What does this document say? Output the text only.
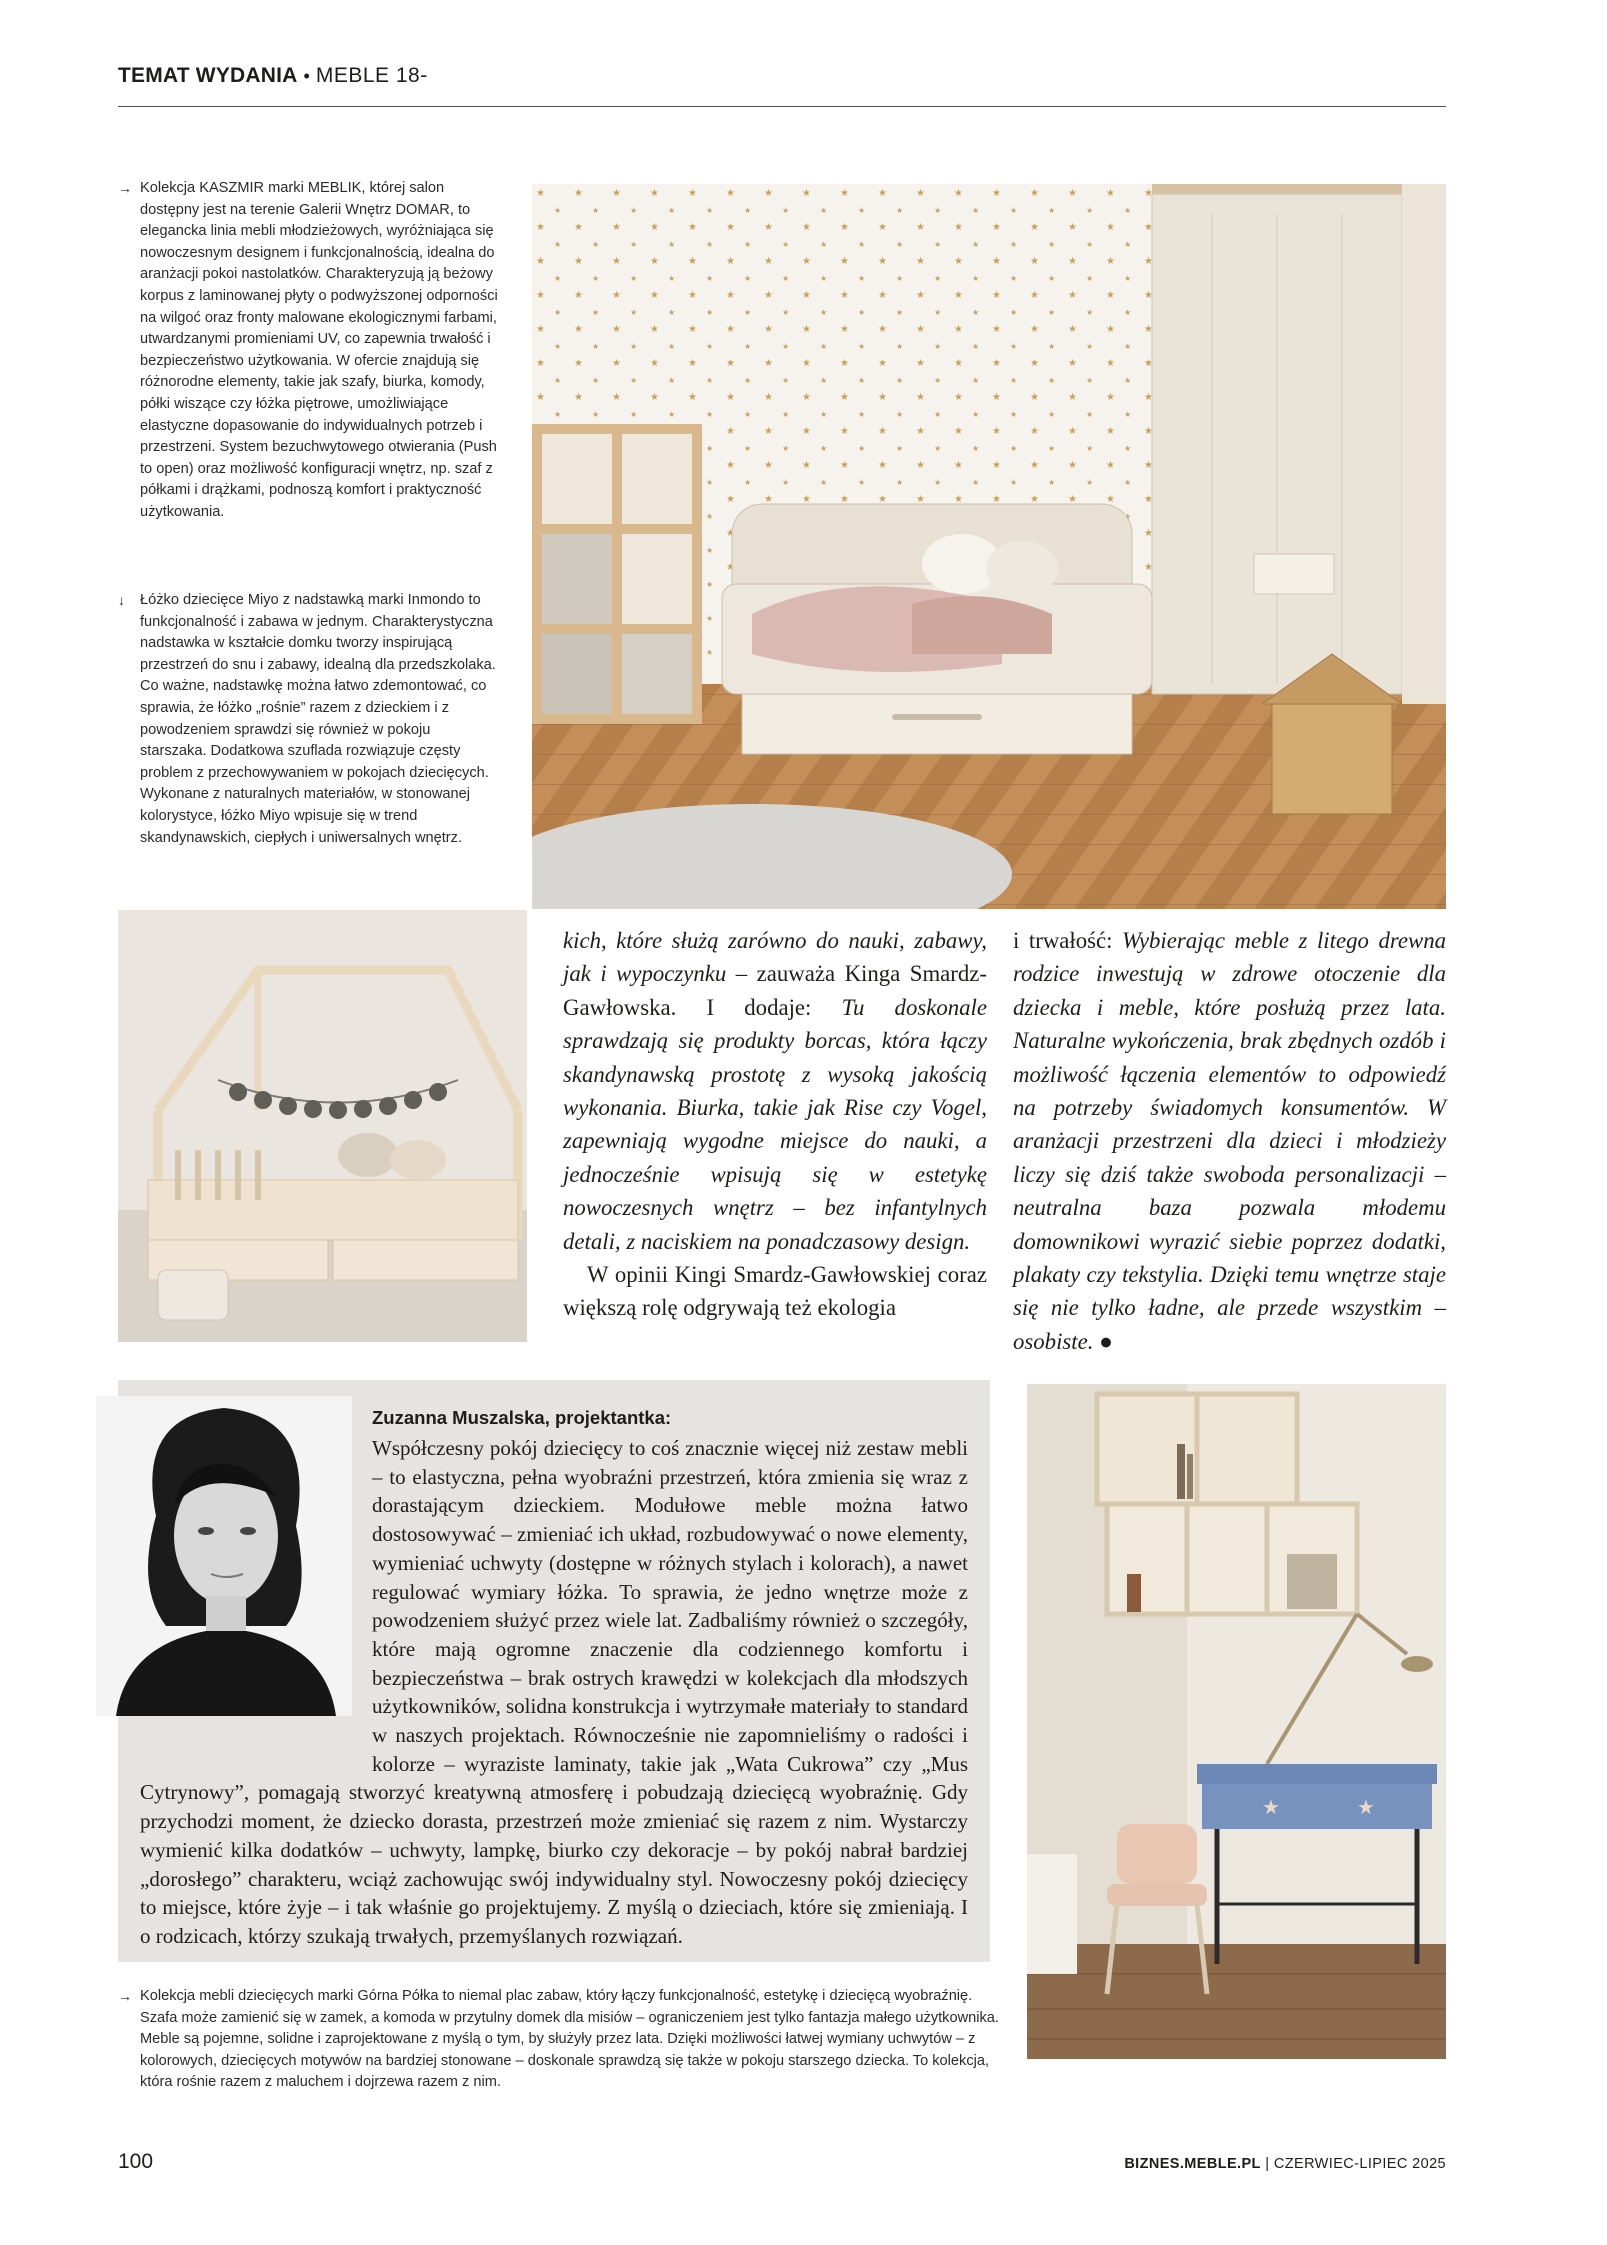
TEMAT WYDANIA • MEBLE 18-
→ Kolekcja KASZMIR marki MEBLIK, której salon dostępny jest na terenie Galerii Wnętrz DOMAR, to elegancka linia mebli młodzieżowych, wyróżniająca się nowoczesnym designem i funkcjonalnością, idealna do aranżacji pokoi nastolatków. Charakteryzują ją beżowy korpus z laminowanej płyty o podwyższonej odporności na wilgoć oraz fronty malowane ekologicznymi farbami, utwardzanymi promieniami UV, co zapewnia trwałość i bezpieczeństwo użytkowania. W ofercie znajdują się różnorodne elementy, takie jak szafy, biurka, komody, półki wiszące czy łóżka piętrowe, umożliwiające elastyczne dopasowanie do indywidualnych potrzeb i przestrzeni. System bezuchwytowego otwierania (Push to open) oraz możliwość konfiguracji wnętrz, np. szaf z półkami i drążkami, podnoszą komfort i praktyczność użytkowania.

↓ Łóżko dziecięce Miyo z nadstawką marki Inmondo to funkcjonalność i zabawa w jednym. Charakterystyczna nadstawka w kształcie domku tworzy inspirującą przestrzeń do snu i zabawy, idealną dla przedszkolaka. Co ważne, nadstawkę można łatwo zdemontować, co sprawia, że łóżko „rośnie” razem z dzieckiem i z powodzeniem sprawdzi się również w pokoju starszaka. Dodatkowa szuflada rozwiązuje częsty problem z przechowywaniem w pokojach dziecięcych. Wykonane z naturalnych materiałów, w stonowanej kolorystyce, łóżko Miyo wpisuje się w trend skandynawskich, ciepłych i uniwersalnych wnętrz.

kich, które służą zarówno do nauki, zabawy, jak i wypoczynku – zauważa Kinga Smardz-Gawłowska. I dodaje: Tu doskonale sprawdzają się produkty borcas, która łączy skandynawską prostotę z wysoką jakością wykonania. Biurka, takie jak Rise czy Vogel, zapewniają wygodne miejsce do nauki, a jednocześnie wpisują się w estetykę nowoczesnych wnętrz – bez infantylnych detali, z naciskiem na ponadczasowy design.

W opinii Kingi Smardz-Gawłowskiej coraz większą rolę odgrywają też ekologia

i trwałość: Wybierając meble z litego drewna rodzice inwestują w zdrowe otoczenie dla dziecka i meble, które posłużą przez lata. Naturalne wykończenia, brak zbędnych ozdób i możliwość łączenia elementów to odpowiedź na potrzeby świadomych konsumentów. W aranżacji przestrzeni dla dzieci i młodzieży liczy się dziś także swoboda personalizacji – neutralna baza pozwala młodemu domownikowi wyrazić siebie poprzez dodatki, plakaty czy tekstylia. Dzięki temu wnętrze staje się nie tylko ładne, ale przede wszystkim – osobiste. ●

Zuzanna Muszalska, projektantka:
Współczesny pokój dziecięcy to coś znacznie więcej niż zestaw mebli – to elastyczna, pełna wyobraźni przestrzeń, która zmienia się wraz z dorastającym dzieckiem. Modułowe meble można łatwo dostosowywać – zmieniać ich układ, rozbudowywać o nowe elementy, wymieniać uchwyty (dostępne w różnych stylach i kolorach), a nawet regulować wymiary łóżka. To sprawia, że jedno wnętrze może z powodzeniem służyć przez wiele lat. Zadbaliśmy również o szczegóły, które mają ogromne znaczenie dla codziennego komfortu i bezpieczeństwa – brak ostrych krawędzi w kolekcjach dla młodszych użytkowników, solidna konstrukcja i wytrzymałe materiały to standard w naszych projektach. Równocześnie nie zapomnieliśmy o radości i kolorze – wyraziste laminaty, takie jak „Wata Cukrowa” czy „Mus Cytrynowy”, pomagają stworzyć kreatywną atmosferę i pobudzają dziecięcą wyobraźnię. Gdy przychodzi moment, że dziecko dorasta, przestrzeń może zmieniać się razem z nim. Wystarczy wymienić kilka dodatków – uchwyty, lampkę, biurko czy dekoracje – by pokój nabrał bardziej „dorosłego” charakteru, wciąż zachowując swój indywidualny styl. Nowoczesny pokój dziecięcy to miejsce, które żyje – i tak właśnie go projektujemy. Z myślą o dzieciach, które się zmieniają. I o rodzicach, którzy szukają trwałych, przemyślanych rozwiązań.
★	★
→ Kolekcja mebli dziecięcych marki Górna Półka to niemal plac zabaw, który łączy funkcjonalność, estetykę i dziecięcą wyobraźnię. Szafa może zamienić się w zamek, a komoda w przytulny domek dla misiów – ograniczeniem jest tylko fantazja małego użytkownika. Meble są pojemne, solidne i zaprojektowane z myślą o tym, by służyły przez lata. Dzięki możliwości łatwej wymiany uchwytów – z kolorowych, dziecięcych motywów na bardziej stonowane – doskonale sprawdzą się także w pokoju starszego dziecka. To kolekcja, która rośnie razem z maluchem i dojrzewa razem z nim.

100	BIZNES.MEBLE.PL | CZERWIEC-LIPIEC 2025
